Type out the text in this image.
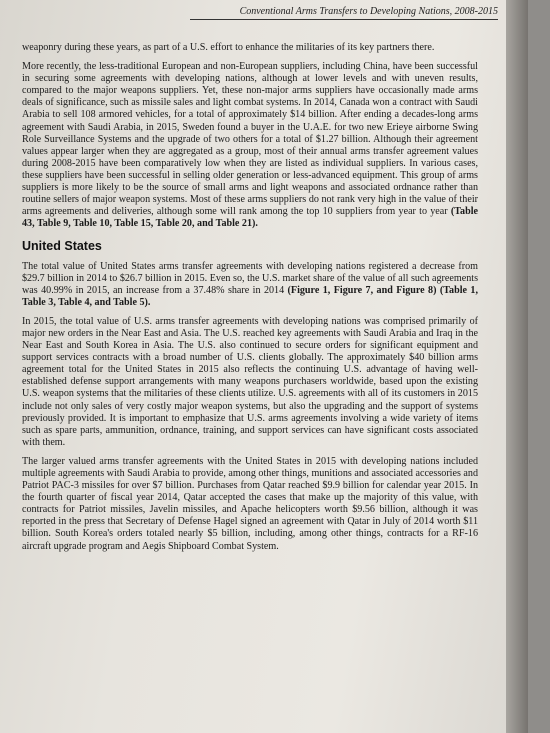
Conventional Arms Transfers to Developing Nations, 2008-2015

weaponry during these years, as part of a U.S. effort to enhance the militaries of its key partners there.

More recently, the less-traditional European and non-European suppliers, including China, have been successful in securing some agreements with developing nations, although at lower levels and with uneven results, compared to the major weapons suppliers. Yet, these non-major arms suppliers have occasionally made arms deals of significance, such as missile sales and light combat systems. In 2014, Canada won a contract with Saudi Arabia to sell 108 armored vehicles, for a total of approximately $14 billion. After ending a decades-long arms agreement with Saudi Arabia, in 2015, Sweden found a buyer in the U.A.E. for two new Erieye airborne Swing Role Surveillance Systems and the upgrade of two others for a total of $1.27 billion. Although their agreement values appear larger when they are aggregated as a group, most of their annual arms transfer agreement values during 2008-2015 have been comparatively low when they are listed as individual suppliers. In various cases, these suppliers have been successful in selling older generation or less-advanced equipment. This group of arms suppliers is more likely to be the source of small arms and light weapons and associated ordnance rather than routine sellers of major weapon systems. Most of these arms suppliers do not rank very high in the value of their arms agreements and deliveries, although some will rank among the top 10 suppliers from year to year (Table 43, Table 9, Table 10, Table 15, Table 20, and Table 21).

United States

The total value of United States arms transfer agreements with developing nations registered a decrease from $29.7 billion in 2014 to $26.7 billion in 2015. Even so, the U.S. market share of the value of all such agreements was 40.99% in 2015, an increase from a 37.48% share in 2014 (Figure 1, Figure 7, and Figure 8) (Table 1, Table 3, Table 4, and Table 5).

In 2015, the total value of U.S. arms transfer agreements with developing nations was comprised primarily of major new orders in the Near East and Asia. The U.S. reached key agreements with Saudi Arabia and Iraq in the Near East and South Korea in Asia. The U.S. also continued to secure orders for significant equipment and support services contracts with a broad number of U.S. clients globally. The approximately $40 billion arms agreement total for the United States in 2015 also reflects the continuing U.S. advantage of having well-established defense support arrangements with many weapons purchasers worldwide, based upon the existing U.S. weapon systems that the militaries of these clients utilize. U.S. agreements with all of its customers in 2015 include not only sales of very costly major weapon systems, but also the upgrading and the support of systems previously provided. It is important to emphasize that U.S. arms agreements involving a wide variety of items such as spare parts, ammunition, ordnance, training, and support services can have significant costs associated with them.

The larger valued arms transfer agreements with the United States in 2015 with developing nations included multiple agreements with Saudi Arabia to provide, among other things, munitions and associated accessories and Patriot PAC-3 missiles for over $7 billion. Purchases from Qatar reached $9.9 billion for calendar year 2015. In the fourth quarter of fiscal year 2014, Qatar accepted the cases that make up the majority of this value, with contracts for Patriot missiles, Javelin missiles, and Apache helicopters worth $9.56 billion, although it was reported in the press that Secretary of Defense Hagel signed an agreement with Qatar in July of 2014 worth $11 billion. South Korea's orders totaled nearly $5 billion, including, among other things, contracts for a RF-16 aircraft upgrade program and Aegis Shipboard Combat System.
